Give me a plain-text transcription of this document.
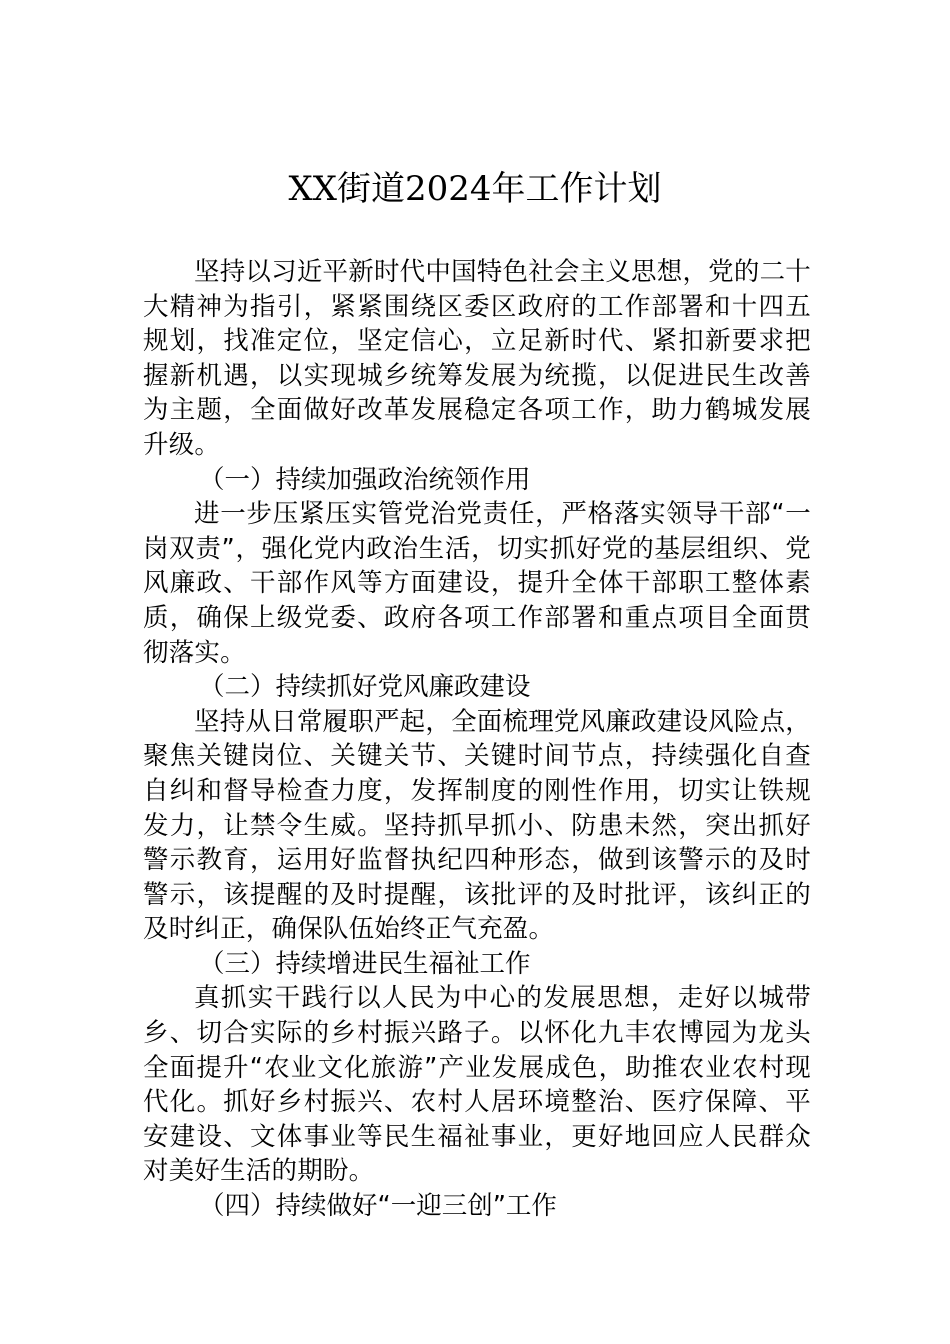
XX街道2024年工作计划

坚持以习近平新时代中国特色社会主义思想，党的二十大精神为指引，紧紧围绕区委区政府的工作部署和十四五规划，找准定位，坚定信心，立足新时代、紧扣新要求把握新机遇，以实现城乡统筹发展为统揽，以促进民生改善为主题，全面做好改革发展稳定各项工作，助力鹤城发展升级。

（一）持续加强政治统领作用

进一步压紧压实管党治党责任，严格落实领导干部“一岗双责”，强化党内政治生活，切实抓好党的基层组织、党风廉政、干部作风等方面建设，提升全体干部职工整体素质，确保上级党委、政府各项工作部署和重点项目全面贯彻落实。

（二）持续抓好党风廉政建设

坚持从日常履职严起，全面梳理党风廉政建设风险点，聚焦关键岗位、关键关节、关键时间节点，持续强化自查自纠和督导检查力度，发挥制度的刚性作用，切实让铁规发力，让禁令生威。坚持抓早抓小、防患未然，突出抓好警示教育，运用好监督执纪四种形态，做到该警示的及时警示，该提醒的及时提醒，该批评的及时批评，该纠正的及时纠正，确保队伍始终正气充盈。

（三）持续增进民生福祉工作

真抓实干践行以人民为中心的发展思想，走好以城带乡、切合实际的乡村振兴路子。以怀化九丰农博园为龙头全面提升“农业文化旅游”产业发展成色，助推农业农村现代化。抓好乡村振兴、农村人居环境整治、医疗保障、平安建设、文体事业等民生福祉事业，更好地回应人民群众对美好生活的期盼。

（四）持续做好“一迎三创”工作
